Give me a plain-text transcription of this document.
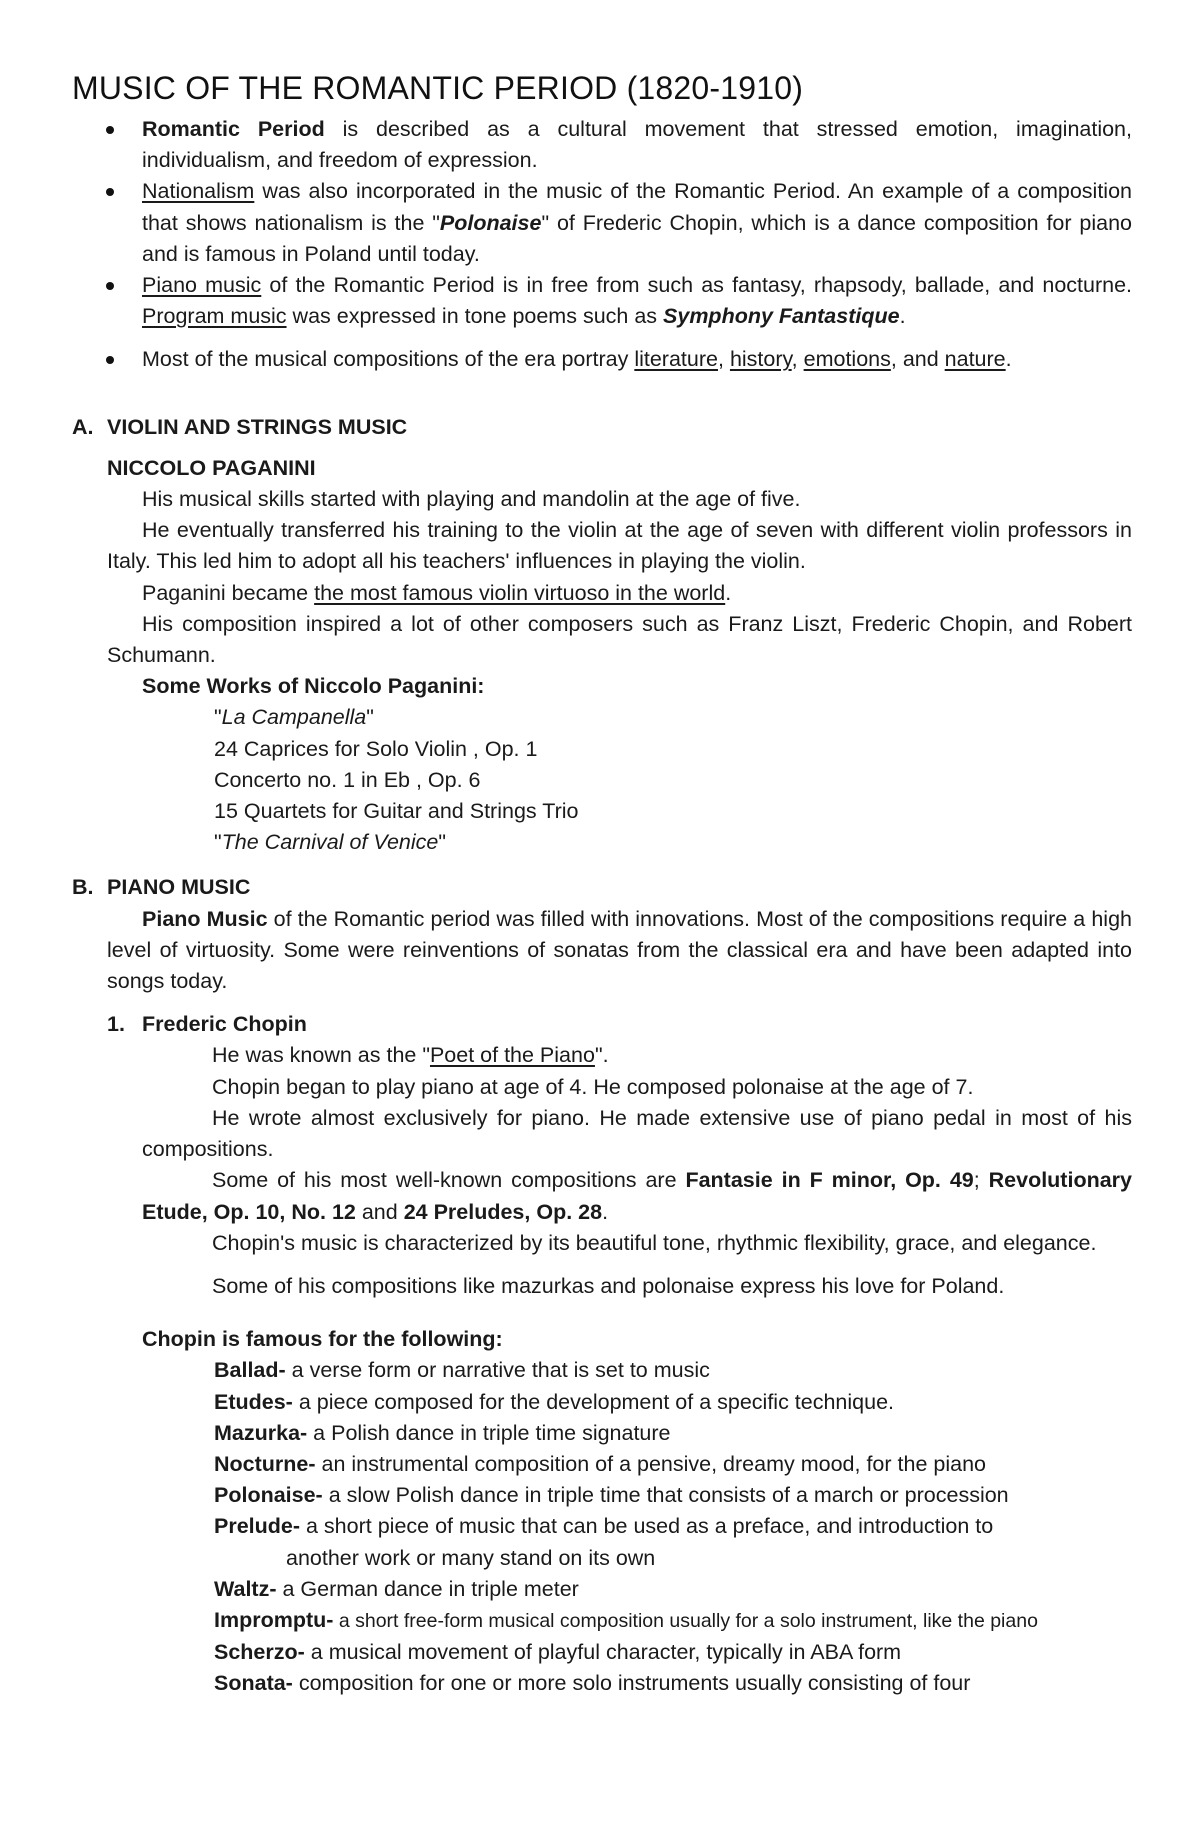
MUSIC OF THE ROMANTIC PERIOD (1820-1910)
Romantic Period is described as a cultural movement that stressed emotion, imagination, individualism, and freedom of expression.
Nationalism was also incorporated in the music of the Romantic Period. An example of a composition that shows nationalism is the "Polonaise" of Frederic Chopin, which is a dance composition for piano and is famous in Poland until today.
Piano music of the Romantic Period is in free from such as fantasy, rhapsody, ballade, and nocturne. Program music was expressed in tone poems such as Symphony Fantastique.
Most of the musical compositions of the era portray literature, history, emotions, and nature.
A. VIOLIN AND STRINGS MUSIC
NICCOLO PAGANINI
His musical skills started with playing and mandolin at the age of five.
He eventually transferred his training to the violin at the age of seven with different violin professors in Italy. This led him to adopt all his teachers' influences in playing the violin.
Paganini became the most famous violin virtuoso in the world.
His composition inspired a lot of other composers such as Franz Liszt, Frederic Chopin, and Robert Schumann.
Some Works of Niccolo Paganini:
"La Campanella"
24 Caprices for Solo Violin , Op. 1
Concerto no. 1 in Eb , Op. 6
15 Quartets for Guitar and Strings Trio
"The Carnival of Venice"
B. PIANO MUSIC
Piano Music of the Romantic period was filled with innovations. Most of the compositions require a high level of virtuosity. Some were reinventions of sonatas from the classical era and have been adapted into songs today.
1. Frederic Chopin
He was known as the "Poet of the Piano".
Chopin began to play piano at age of 4. He composed polonaise at the age of 7.
He wrote almost exclusively for piano. He made extensive use of piano pedal in most of his compositions.
Some of his most well-known compositions are Fantasie in F minor, Op. 49; Revolutionary Etude, Op. 10, No. 12 and 24 Preludes, Op. 28.
Chopin's music is characterized by its beautiful tone, rhythmic flexibility, grace, and elegance.
Some of his compositions like mazurkas and polonaise express his love for Poland.
Chopin is famous for the following:
Ballad- a verse form or narrative that is set to music
Etudes- a piece composed for the development of a specific technique.
Mazurka- a Polish dance in triple time signature
Nocturne- an instrumental composition of a pensive, dreamy mood, for the piano
Polonaise- a slow Polish dance in triple time that consists of a march or procession
Prelude- a short piece of music that can be used as a preface, and introduction to
another work or many stand on its own
Waltz- a German dance in triple meter
Impromptu- a short free-form musical composition usually for a solo instrument, like the piano
Scherzo- a musical movement of playful character, typically in ABA form
Sonata- composition for one or more solo instruments usually consisting of four
